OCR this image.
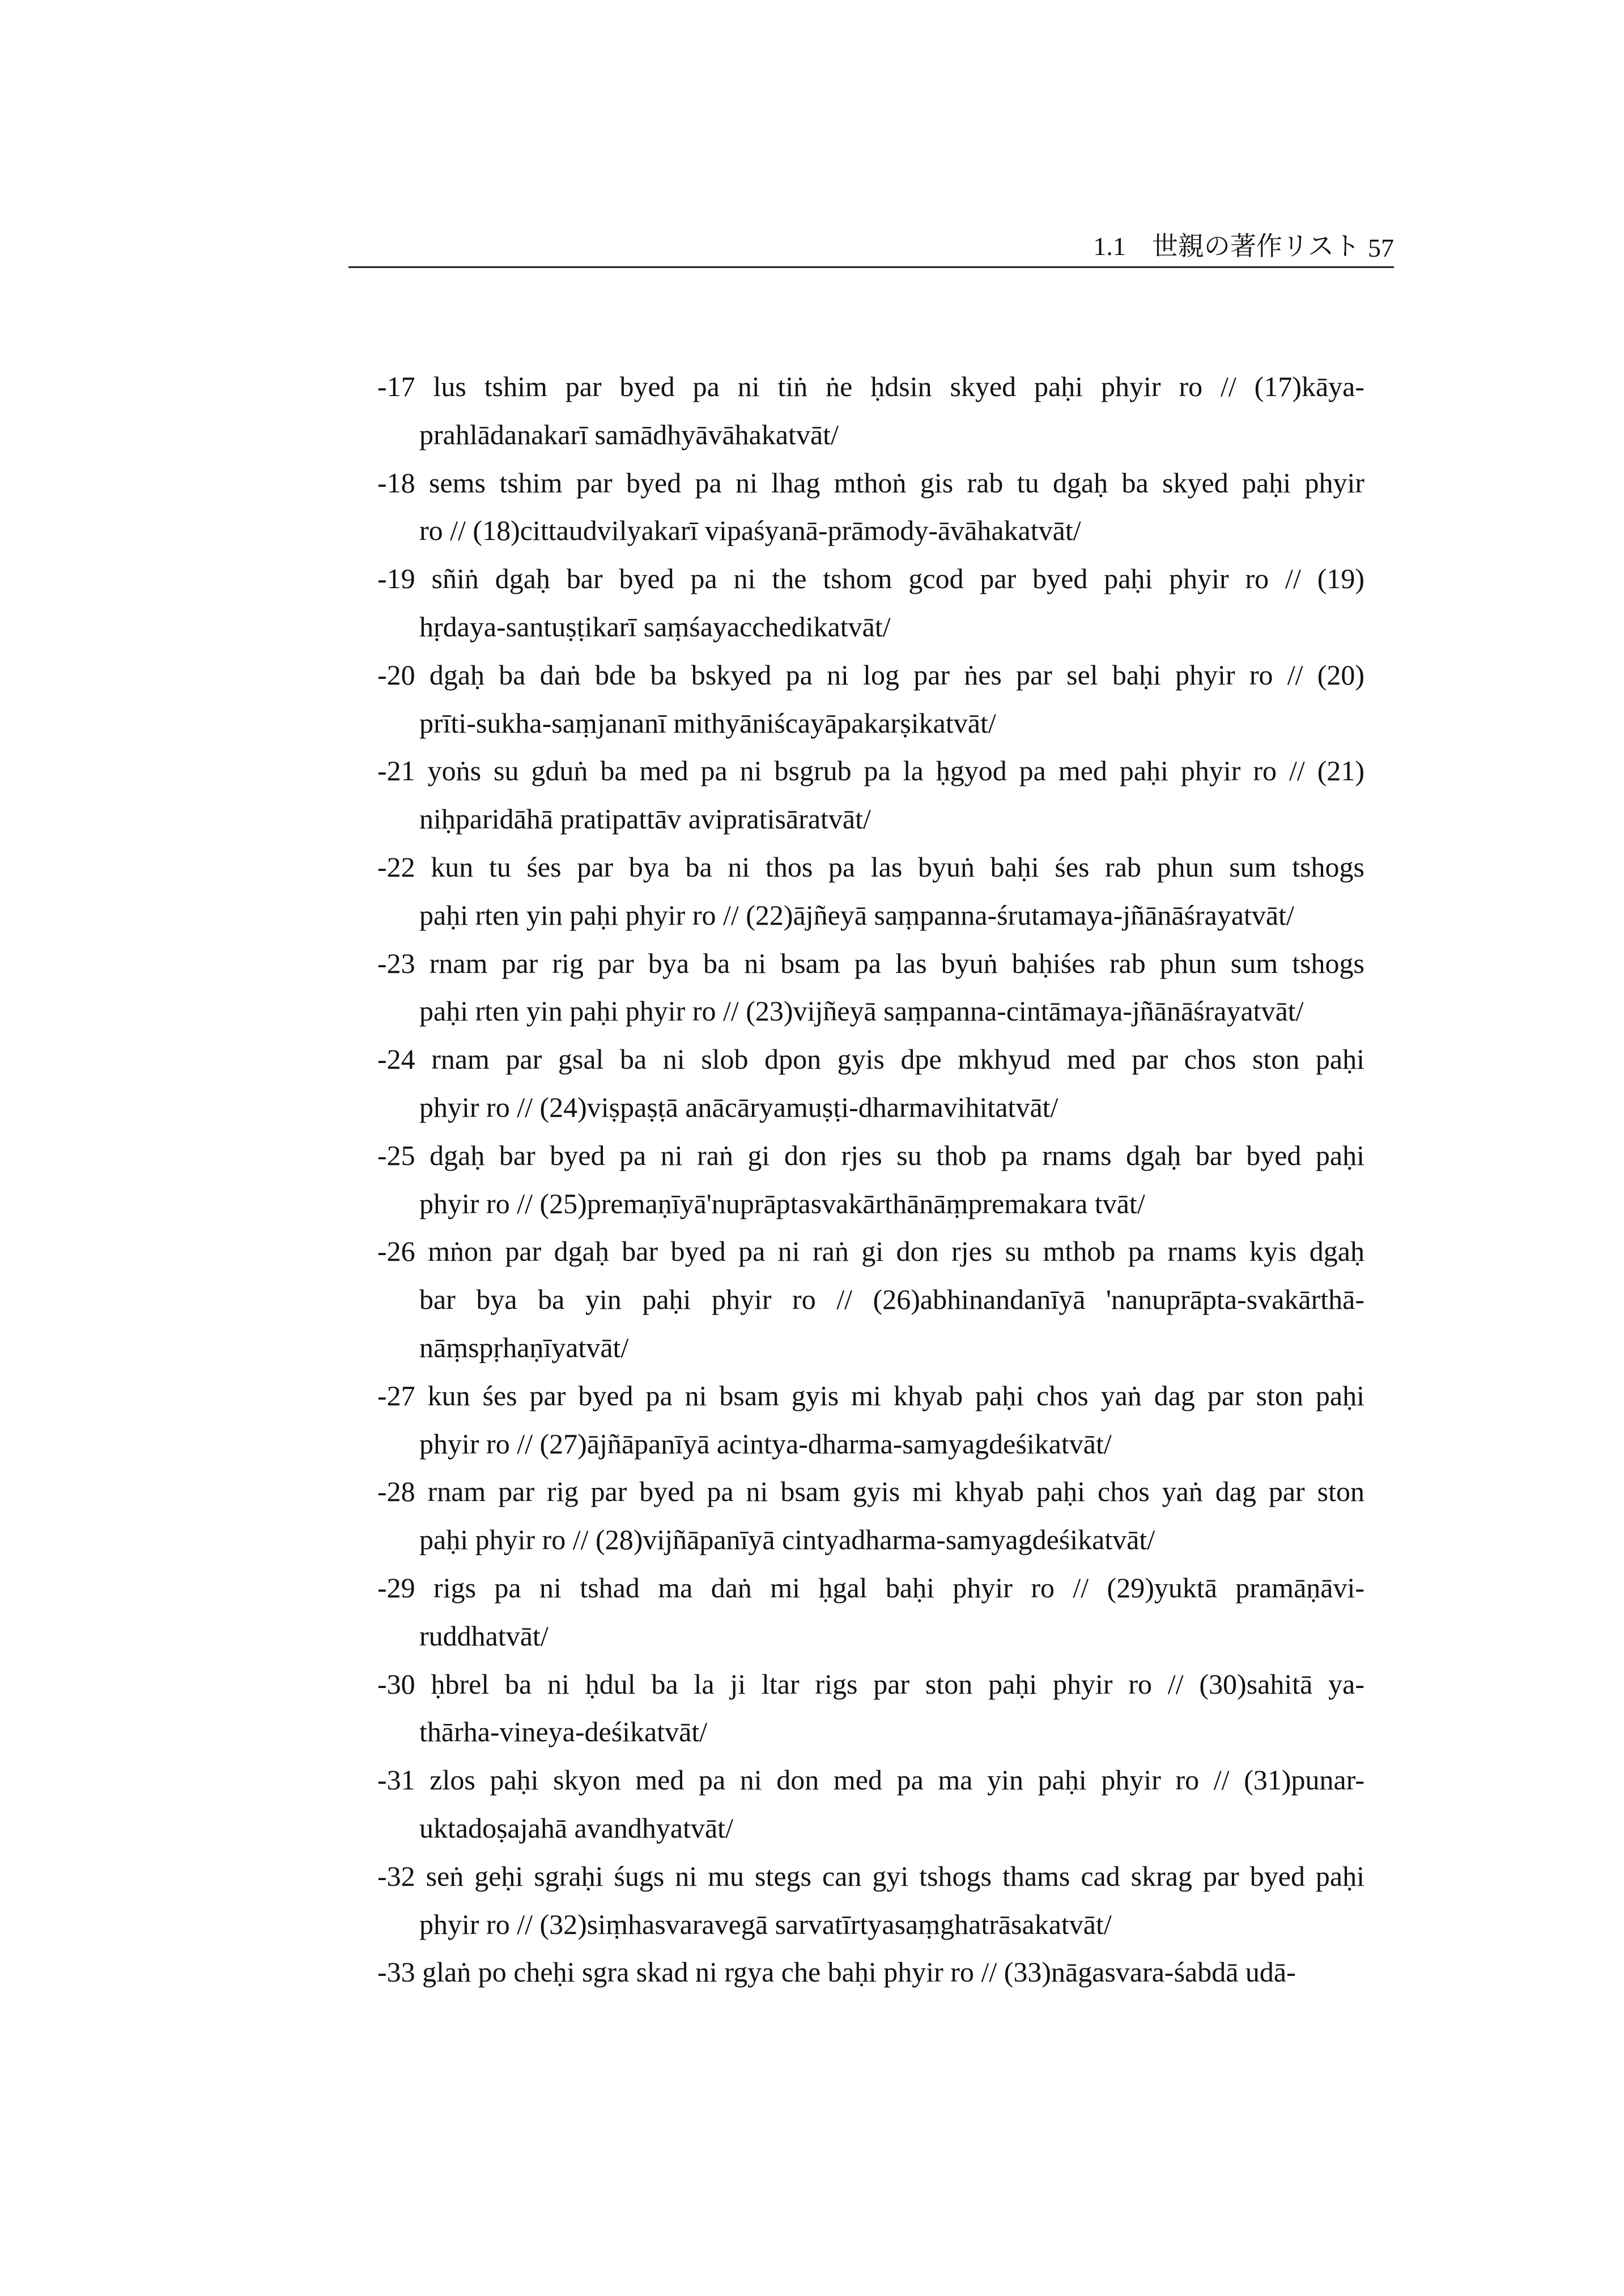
1.1　世親の著作リスト 57
-17 lus tshim par byed pa ni tiṅ ṅe ḥdsin skyed paḥi phyir ro // (17)kāya-
prahlādanakarī samādhyāvāhakatvāt/
-18 sems tshim par byed pa ni lhag mthoṅ gis rab tu dgaḥ ba skyed paḥi phyir
ro // (18)cittaudvilyakarī vipaśyanā-prāmody-āvāhakatvāt/
-19 sñiṅ dgaḥ bar byed pa ni the tshom gcod par byed paḥi phyir ro // (19)
hṛdaya-santuṣṭikarī saṃśayacchedikatvāt/
-20 dgaḥ ba daṅ bde ba bskyed pa ni log par ṅes par sel baḥi phyir ro // (20)
prīti-sukha-saṃjananī mithyāniścayāpakarṣikatvāt/
-21 yoṅs su gduṅ ba med pa ni bsgrub pa la ḥgyod pa med paḥi phyir ro // (21)
niḥparidāhā pratipattāv avipratisāratvāt/
-22 kun tu śes par bya ba ni thos pa las byuṅ baḥi śes rab phun sum tshogs
paḥi rten yin paḥi phyir ro // (22)ājñeyā saṃpanna-śrutamaya-jñānāśrayatvāt/
-23 rnam par rig par bya ba ni bsam pa las byuṅ baḥiśes rab phun sum tshogs
paḥi rten yin paḥi phyir ro // (23)vijñeyā saṃpanna-cintāmaya-jñānāśrayatvāt/
-24 rnam par gsal ba ni slob dpon gyis dpe mkhyud med par chos ston paḥi
phyir ro // (24)viṣpaṣṭā anācāryamuṣṭi-dharmavihitatvāt/
-25 dgaḥ bar byed pa ni raṅ gi don rjes su thob pa rnams dgaḥ bar byed paḥi
phyir ro // (25)premaṇīyā'nuprāptasvakārthānāṃpremakara tvāt/
-26 mṅon par dgaḥ bar byed pa ni raṅ gi don rjes su mthob pa rnams kyis dgaḥ
bar bya ba yin paḥi phyir ro // (26)abhinandanīyā 'nanuprāpta-svakārthā-
nāṃspṛhaṇīyatvāt/
-27 kun śes par byed pa ni bsam gyis mi khyab paḥi chos yaṅ dag par ston paḥi
phyir ro // (27)ājñāpanīyā acintya-dharma-samyagdeśikatvāt/
-28 rnam par rig par byed pa ni bsam gyis mi khyab paḥi chos yaṅ dag par ston
paḥi phyir ro // (28)vijñāpanīyā cintyadharma-samyagdeśikatvāt/
-29 rigs pa ni tshad ma daṅ mi ḥgal baḥi phyir ro // (29)yuktā pramāṇāvi-
ruddhatvāt/
-30 ḥbrel ba ni ḥdul ba la ji ltar rigs par ston paḥi phyir ro // (30)sahitā ya-
thārha-vineya-deśikatvāt/
-31 zlos paḥi skyon med pa ni don med pa ma yin paḥi phyir ro // (31)punar-
uktadoṣajahā avandhyatvāt/
-32 seṅ geḥi sgraḥi śugs ni mu stegs can gyi tshogs thams cad skrag par byed paḥi
phyir ro // (32)siṃhasvaravegā sarvatīrtyasaṃghatrāsakatvāt/
-33 glaṅ po cheḥi sgra skad ni rgya che baḥi phyir ro // (33)nāgasvara-śabdā udā-
